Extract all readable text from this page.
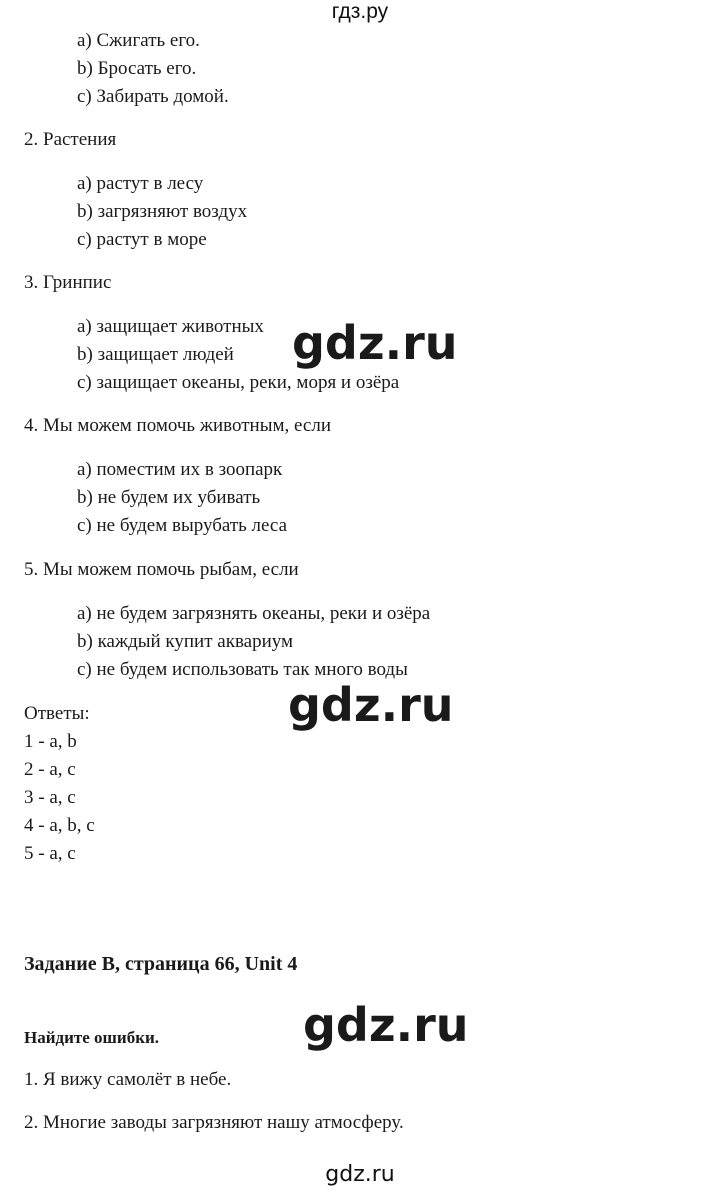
гдз.ру
a) Сжигать его.
b) Бросать его.
c) Забирать домой.
2. Растения
a) растут в лесу
b) загрязняют воздух
c) растут в море
3. Гринпис
a) защищает животных
b) защищает людей
c) защищает океаны, реки, моря и озёра
4. Мы можем помочь животным, если
a) поместим их в зоопарк
b) не будем их убивать
c) не будем вырубать леса
5. Мы можем помочь рыбам, если
a) не будем загрязнять океаны, реки и озёра
b) каждый купит аквариум
c) не будем использовать так много воды
Ответы:
1 - a, b
2 - a, c
3 - a, c
4 - a, b, c
5 - a, c
Задание B, страница 66, Unit 4
Найдите ошибки.
1. Я вижу самолёт в небе.
2. Многие заводы загрязняют нашу атмосферу.
gdz.ru
gdz.ru
gdz.ru
gdz.ru
